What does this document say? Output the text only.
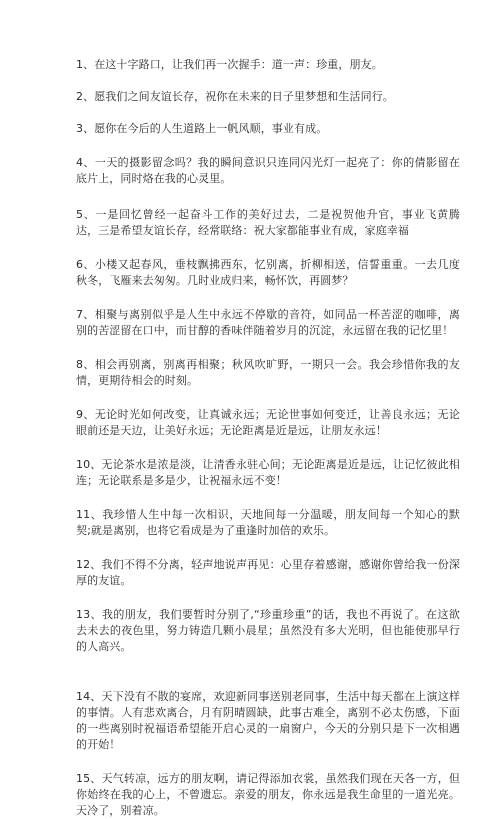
1、在这十字路口，让我们再一次握手：道一声：珍重，朋友。

2、愿我们之间友谊长存，祝你在未来的日子里梦想和生活同行。

3、愿你在今后的人生道路上一帆风顺，事业有成。

4、一天的摄影留念吗？我的瞬间意识只连同闪光灯一起亮了：你的倩影留在底片上，同时烙在我的心灵里。

5、一是回忆曾经一起奋斗工作的美好过去，二是祝贺他升官，事业飞黄腾达，三是希望友谊长存，经常联络：祝大家都能事业有成，家庭幸福

6、小楼又起春风，垂枝飘拂西东，忆别离，折柳相送，信誓重重。一去几度秋冬，飞雁来去匆匆。几时业成归来，畅怀饮，再圆梦？

7、相聚与离别似乎是人生中永远不停歇的音符，如同品一杯苦涩的咖啡，离别的苦涩留在口中，而甘醇的香味伴随着岁月的沉淀，永远留在我的记忆里！

8、相会再别离，别离再相聚；秋风吹旷野，一期只一会。我会珍惜你我的友情，更期待相会的时刻。

9、无论时光如何改变，让真诚永远；无论世事如何变迁，让善良永远；无论眼前还是天边，让美好永远；无论距离是近是远，让朋友永远！

10、无论茶水是浓是淡，让清香永驻心间；无论距离是近是远，让记忆彼此相连；无论联系是多是少，让祝福永远不变！

11、我珍惜人生中每一次相识，天地间每一分温暖，朋友间每一个知心的默契;就是离别，也将它看成是为了重逢时加倍的欢乐。

12、我们不得不分离，轻声地说声再见：心里存着感谢，感谢你曾给我一份深厚的友谊。

13、我的朋友，我们要暂时分别了,“珍重珍重”的话，我也不再说了。在这欲去未去的夜色里，努力铸造几颗小晨星；虽然没有多大光明，但也能使那早行的人高兴。

14、天下没有不散的宴席，欢迎新同事送别老同事，生活中每天都在上演这样的事情。人有悲欢离合，月有阴晴圆缺，此事古难全，离别不必太伤感，下面的一些离别时祝福语希望能开启心灵的一扇窗户，今天的分别只是下一次相遇的开始！

15、天气转凉，远方的朋友啊，请记得添加衣裳，虽然我们现在天各一方，但你始终在我的心上，不曾遗忘。亲爱的朋友，你永远是我生命里的一道光亮。天冷了，别着凉。
